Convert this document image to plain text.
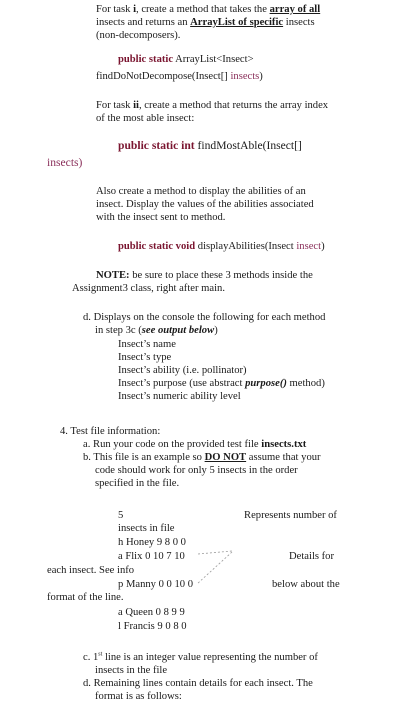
For task i, create a method that takes the array of all
insects and returns an ArrayList of specific insects
(non-decomposers).
public static ArrayList<Insect>
findDoNotDecompose(Insect[] insects)
For task ii, create a method that returns the array index
of the most able insect:
public static int findMostAble(Insect[]
insects)
Also create a method to display the abilities of an
insect. Display the values of the abilities associated
with the insect sent to method.
public static void displayAbilities(Insect insect)
NOTE: be sure to place these 3 methods inside the
Assignment3 class, right after main.
d. Displays on the console the following for each method
in step 3c (see output below)
Insect’s name
Insect’s type
Insect’s ability (i.e. pollinator)
Insect’s purpose (use abstract purpose() method)
Insect’s numeric ability level
4. Test file information:
a. Run your code on the provided test file insects.txt
b. This file is an example so DO NOT assume that your
code should work for only 5 insects in the order
specified in the file.
5
insects in file
h Honey 9 8 0 0
a Flix 0 10 7 10
each insect. See info
p Manny 0 0 10 0
format of the line.
a Queen 0 8 9 9
l Francis 9 0 8 0
Represents number of
Details for
below about the
c. 1st line is an integer value representing the number of
insects in the file
d. Remaining lines contain details for each insect. The
format is as follows:
